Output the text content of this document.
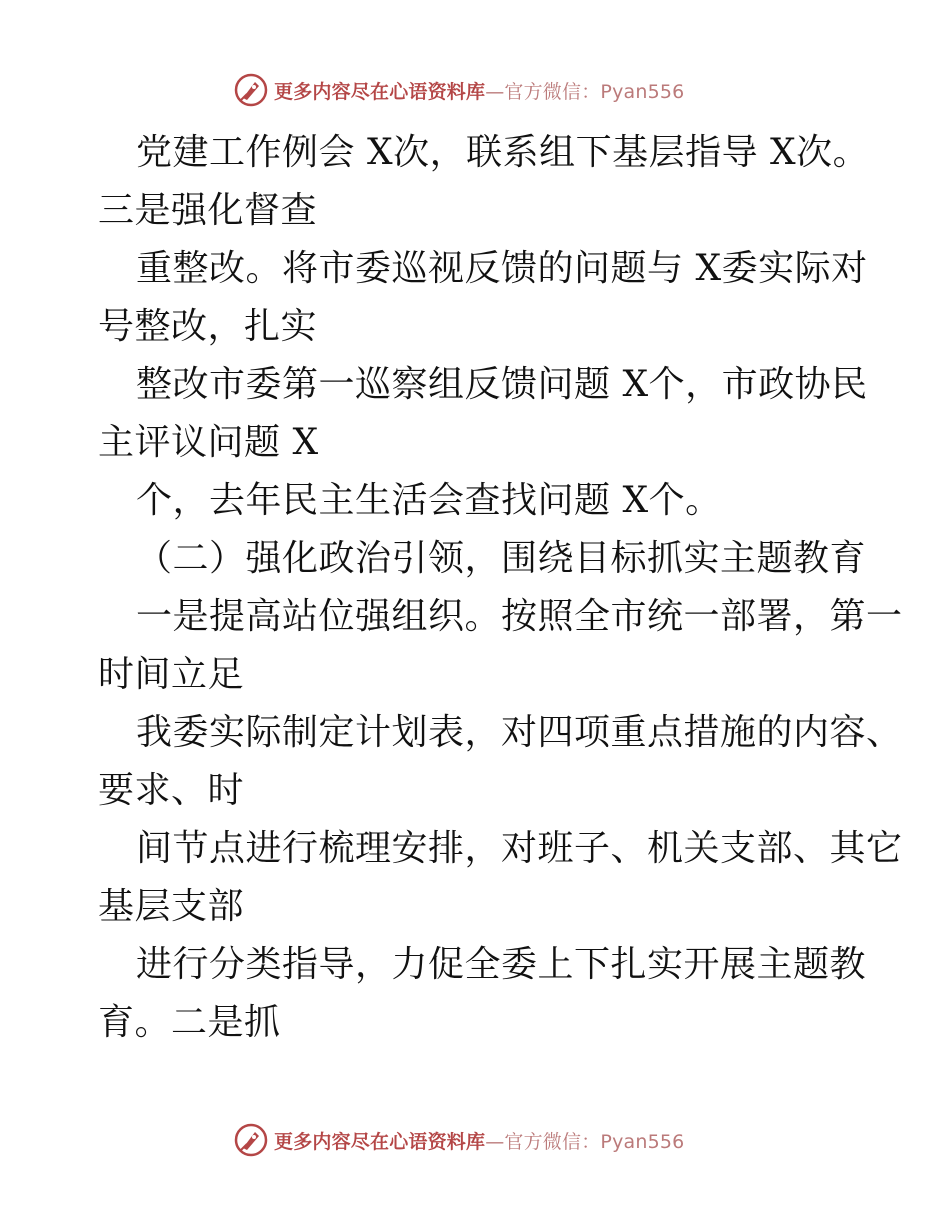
更多内容尽在心语资料库—官方微信：Pyan556
党建工作例会 X次，联系组下基层指导 X次。
三是强化督查
重整改。将市委巡视反馈的问题与 X委实际对
号整改，扎实
整改市委第一巡察组反馈问题 X个，市政协民
主评议问题 X
个，去年民主生活会查找问题 X个。
（二）强化政治引领，围绕目标抓实主题教育
一是提高站位强组织。按照全市统一部署，第一
时间立足
我委实际制定计划表，对四项重点措施的内容、
要求、时
间节点进行梳理安排，对班子、机关支部、其它
基层支部
进行分类指导，力促全委上下扎实开展主题教
育。二是抓
更多内容尽在心语资料库—官方微信：Pyan556
